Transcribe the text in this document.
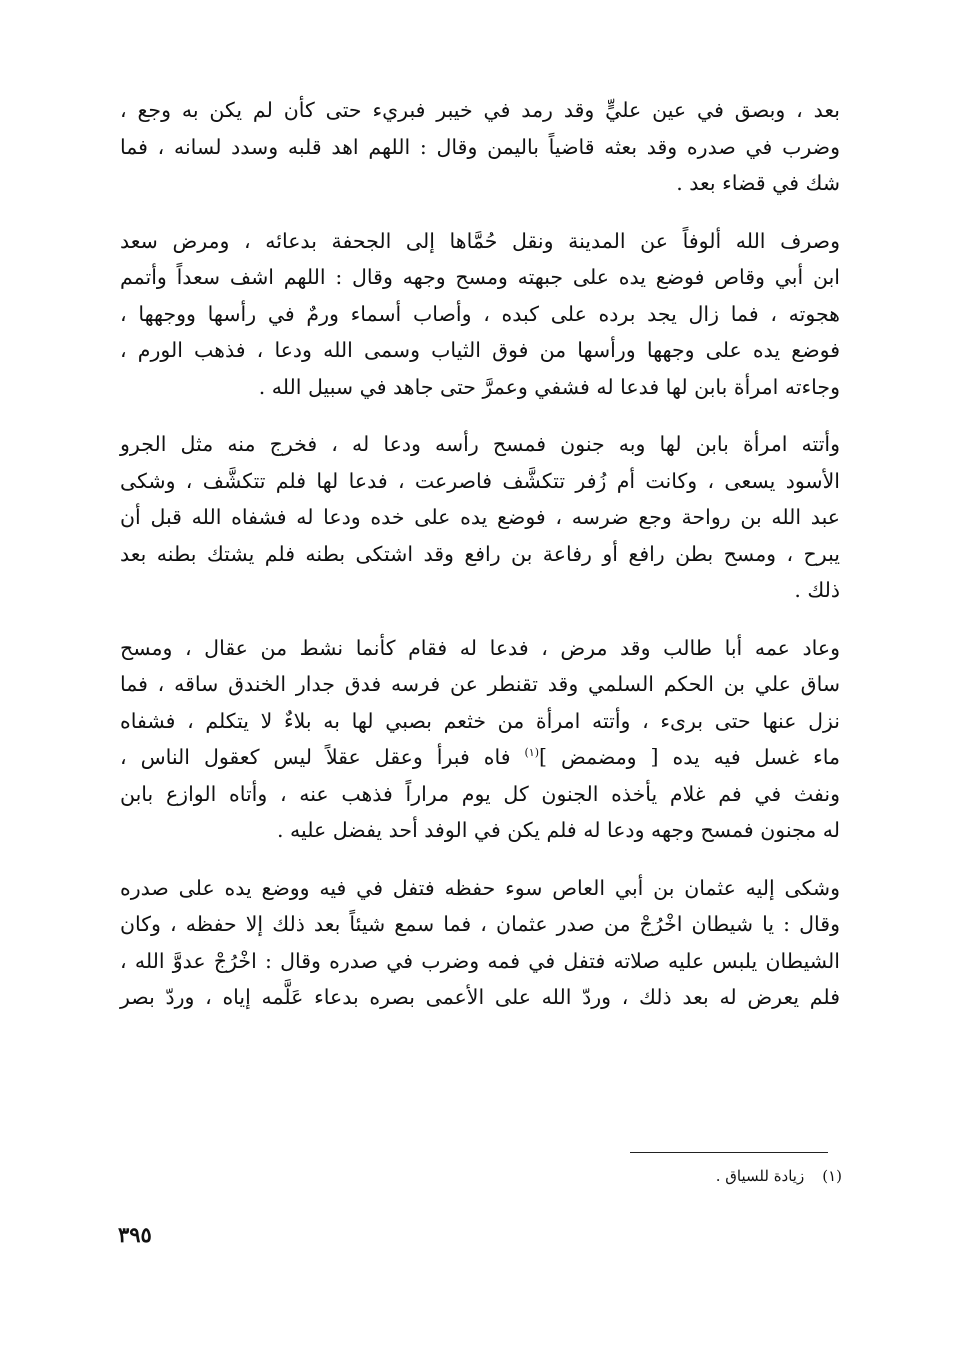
بعد ، وبصق في عين عليٍّ وقد رمد في خيبر فبريء حتى كأن لم يكن به وجع ،
وضرب في صدره وقد بعثه قاضياً باليمن وقال : اللهم اهد قلبه وسدد لسانه ، فما
شك في قضاء بعد .

وصرف الله ألوفاً عن المدينة ونقل حُمَّاها إلى الجحفة بدعائه ، ومرض سعد
ابن أبي وقاص فوضع يده على جبهته ومسح وجهه وقال : اللهم اشف سعداً وأتمم
هجوته ، فما زال يجد برده على كبده ، وأصاب أسماء ورمٌ في رأسها ووجهها ،
فوضع يده على وجهها ورأسها من فوق الثياب وسمى الله ودعا ، فذهب الورم ،
وجاءته امرأة بابن لها فدعا له فشفي وعمرَّ حتى جاهد في سبيل الله .

وأتته امرأة بابن لها وبه جنون فمسح رأسه ودعا له ، فخرج منه مثل الجرو
الأسود يسعى ، وكانت أم زُفر تتكشَّف فاصرعت ، فدعا لها فلم تتكشَّف ، وشكى
عبد الله بن رواحة وجع ضرسه ، فوضع يده على خده ودعا له فشفاه الله قبل أن
يبرح ، ومسح بطن رافع أو رفاعة بن رافع وقد اشتكى بطنه فلم يشتك بطنه بعد
ذلك .

وعاد عمه أبا طالب وقد مرض ، فدعا له فقام كأنما نشط من عقال ، ومسح
ساق علي بن الحكم السلمي وقد تقنطر عن فرسه فدق جدار الخندق ساقه ، فما
نزل عنها حتى برىء ، وأتته امرأة من خثعم بصبي لها به بلاءٌ لا يتكلم ، فشفاه
ماء غسل فيه يده [ ومضمض ]$^{(١)}$ فاه فبرأ وعقل عقلاً ليس كعقول الناس ،
ونفث في فم غلام يأخذه الجنون كل يوم مراراً فذهب عنه ، وأتاه الوازع بابن
له مجنون فمسح وجهه ودعا له فلم يكن في الوفد أحد يفضل عليه .

وشكى إليه عثمان بن أبي العاص سوء حفظه فتفل في فيه ووضع يده على صدره
وقال : يا شيطان اخْرُجْ من صدر عثمان ، فما سمع شيئاً بعد ذلك إلا حفظه ، وكان
الشيطان يلبس عليه صلاته فتفل في فمه وضرب في صدره وقال : اخْرُجْ عدوَّ الله ،
فلم يعرض له بعد ذلك ، وردّ الله على الأعمى بصره بدعاء عَلَّمه إياه ، وردّ بصر

(١)زيادة للسياق .
٣٩٥
